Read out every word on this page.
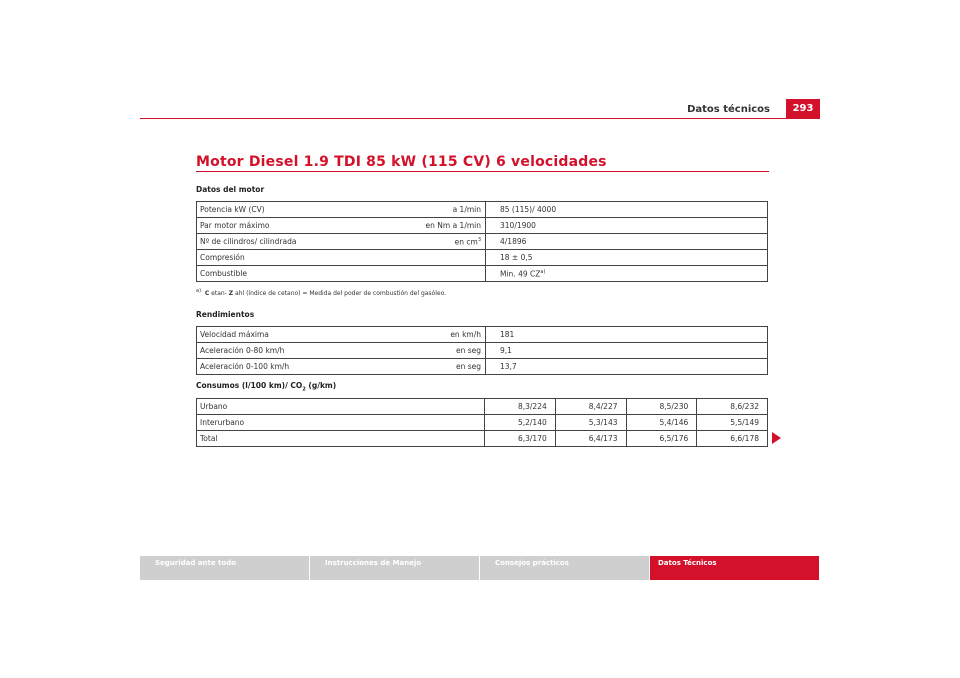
Datos técnicos	293
Motor Diesel 1.9 TDI 85 kW (115 CV) 6 velocidades
Datos del motor
Potencia kW (CV)	a 1/min	85 (115)/ 4000
Par motor máximo	en Nm a 1/min	310/1900
Nº de cilindros/ cilindrada	en $cm^3$	4/1896
Compresión		18 ± 0,5
Combustible		Min. 49 CZ$^{a)}$
$^{a)}$ C etan- Z ahl (índice de cetano) = Medida del poder de combustión del gasóleo.
Rendimientos
Velocidad máxima	en km/h	181
Aceleración 0-80 km/h	en seg	9,1
Aceleración 0-100 km/h	en seg	13,7
Consumos (l/100 km)/ $CO_2$ (g/km)
Urbano	8,3/224	8,4/227	8,5/230	8,6/232
Interurbano	5,2/140	5,3/143	5,4/146	5,5/149
Total	6,3/170	6,4/173	6,5/176	6,6/178
Seguridad ante todo	Instrucciones de Manejo	Consejos prácticos	Datos Técnicos
